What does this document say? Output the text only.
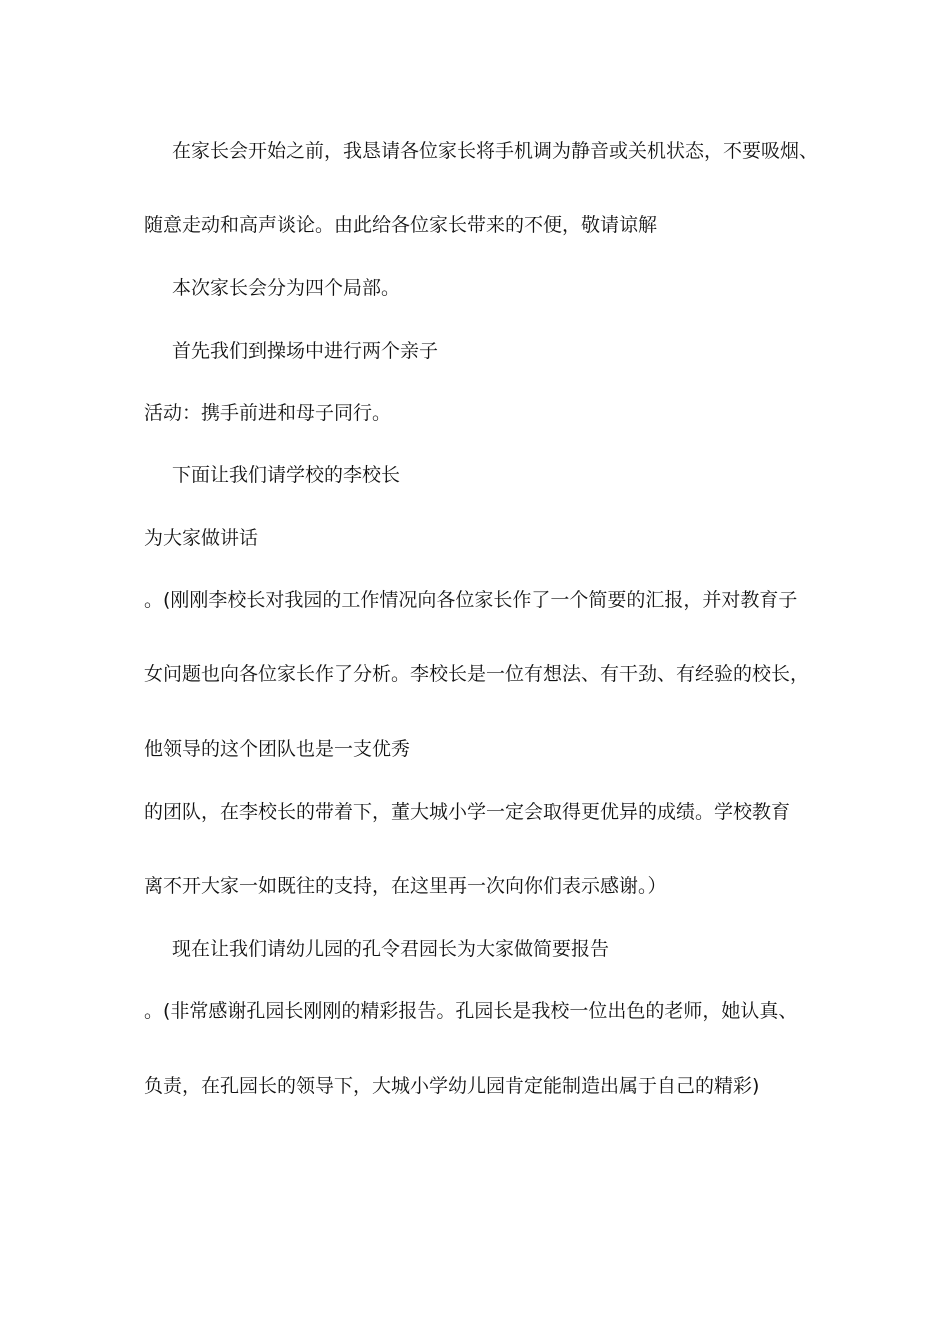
在家长会开始之前，我恳请各位家长将手机调为静音或关机状态，不要吸烟、
随意走动和高声谈论。由此给各位家长带来的不便，敬请谅解
本次家长会分为四个局部。
首先我们到操场中进行两个亲子
活动：携手前进和母子同行。
下面让我们请学校的李校长
为大家做讲话
。(刚刚李校长对我园的工作情况向各位家长作了一个简要的汇报，并对教育子
女问题也向各位家长作了分析。李校长是一位有想法、有干劲、有经验的校长，
他领导的这个团队也是一支优秀
的团队，在李校长的带着下，董大城小学一定会取得更优异的成绩。学校教育
离不开大家一如既往的支持，在这里再一次向你们表示感谢。）
现在让我们请幼儿园的孔令君园长为大家做简要报告
。(非常感谢孔园长刚刚的精彩报告。孔园长是我校一位出色的老师，她认真、
负责，在孔园长的领导下，大城小学幼儿园肯定能制造出属于自己的精彩)
